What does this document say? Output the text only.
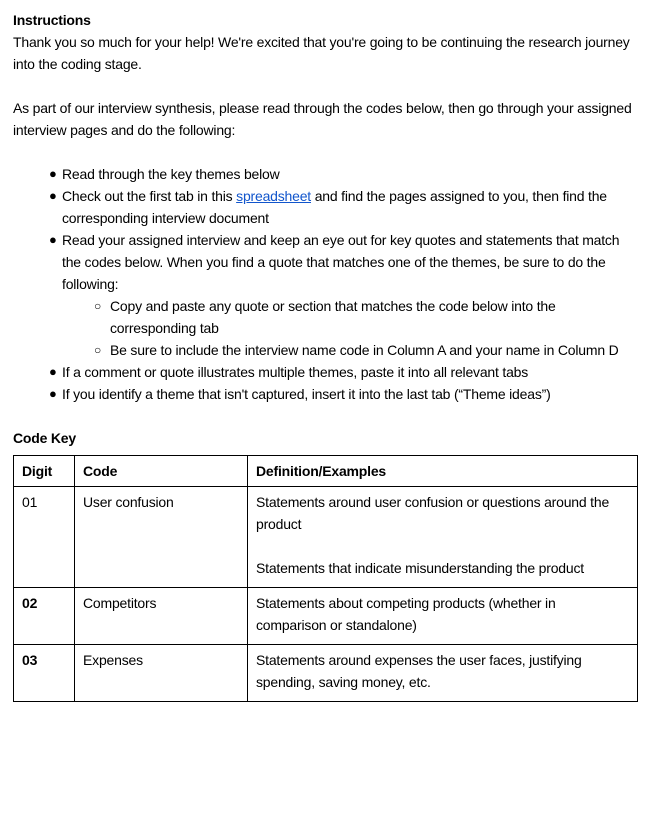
Instructions

Thank you so much for your help! We're excited that you're going to be continuing the research journey into the coding stage.

As part of our interview synthesis, please read through the codes below, then go through your assigned interview pages and do the following:

● Read through the key themes below
● Check out the first tab in this spreadsheet and find the pages assigned to you, then find the corresponding interview document
● Read your assigned interview and keep an eye out for key quotes and statements that match the codes below. When you find a quote that matches one of the themes, be sure to do the following:
○ Copy and paste any quote or section that matches the code below into the corresponding tab
○ Be sure to include the interview name code in Column A and your name in Column D
● If a comment or quote illustrates multiple themes, paste it into all relevant tabs
● If you identify a theme that isn't captured, insert it into the last tab (“Theme ideas”)

Code Key

Digit	Code	Definition/Examples
01	User confusion	Statements around user confusion or questions around the product

Statements that indicate misunderstanding the product

02	Competitors	Statements about competing products (whether in comparison or standalone)

03	Expenses	Statements around expenses the user faces, justifying spending, saving money, etc.
